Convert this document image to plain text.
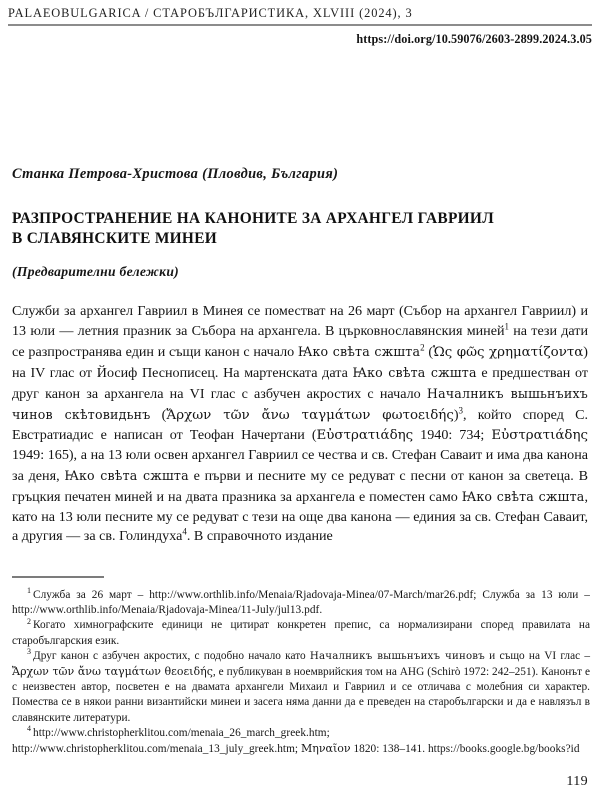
PALAEOBULGARICA / СТАРОБЪЛГАРИСТИКА, XLVIII (2024), 3
https://doi.org/10.59076/2603-2899.2024.3.05
Станка Петрова-Христова (Пловдив, България)
РАЗПРОСТРАНЕНИЕ НА КАНОНИТЕ ЗА АРХАНГЕЛ ГАВРИИЛ
В СЛАВЯНСКИТЕ МИНЕИ
(Предварителни бележки)

Служби за архангел Гавриил в Минея се поместват на 26 март (Събор на архангел Гавриил) и 13 юли — летния празник за Събора на архангела. В църковнославянския миней$^1$ на тези дати се разпространява един и същи канон с начало Ꙗко свѣта сжшта$^2$ (Ὡς φῶς χρηματίζοντα) на IV глас от Йосиф Песнописец. На мартенската дата Ꙗко свѣта сжшта е предшестван от друг канон за архангела на VI глас с азбучен акростих с начало Началникъ вышьнъихъ чинов скѣтовидьнъ (Ἄρχων τῶν ἄνω ταγμάτων φωτοειδής)$^3$, който според С. Евстратиадис е написан от Теофан Начертани (Εὐστρατιάδης 1940: 734; Εὐστρατιάδης 1949: 165), а на 13 юли освен архангел Гавриил се чества и св. Стефан Саваит и има два канона за деня, Ꙗко свѣта сжшта е първи и песните му се редуват с песни от канон за светеца. В гръцкия печатен миней и на двата празника за архангела е поместен само Ꙗко свѣта сжшта, като на 13 юли песните му се редуват с тези на още два канона — единия за св. Стефан Саваит, а другия — за св. Голиндуха$^4$. В справочното издание

$^1$ Служба за 26 март – http://www.orthlib.info/Menaia/Rjadovaja-Minea/07-March/mar26.pdf; Служба за 13 юли – http://www.orthlib.info/Menaia/Rjadovaja-Minea/11-July/jul13.pdf.

$^2$ Когато химнографските единици не цитират конкретен препис, са нормализирани според правилата на старобългарския език.

$^3$ Друг канон с азбучен акростих, с подобно начало като Началникъ вышьнъихъ чиновъ и също на VI глас – Ἄρχων τῶν ἄνω ταγμάτων θεοειδής, е публикуван в ноемврийския том на AHG (Schirò 1972: 242–251). Канонът е с неизвестен автор, посветен е на двамата архангели Михаил и Гавриил и се отличава с молебния си характер. Помества се в някои ранни византийски минеи и засега няма данни да е преведен на старобългарски и да е навлязъл в славянските литератури.

$^4$ http://www.christopherklitou.com/menaia_26_march_greek.htm; http://www.christopherklitou.com/menaia_13_july_greek.htm; Μηναῖον 1820: 138–141. https://books.google.bg/books?id

119
